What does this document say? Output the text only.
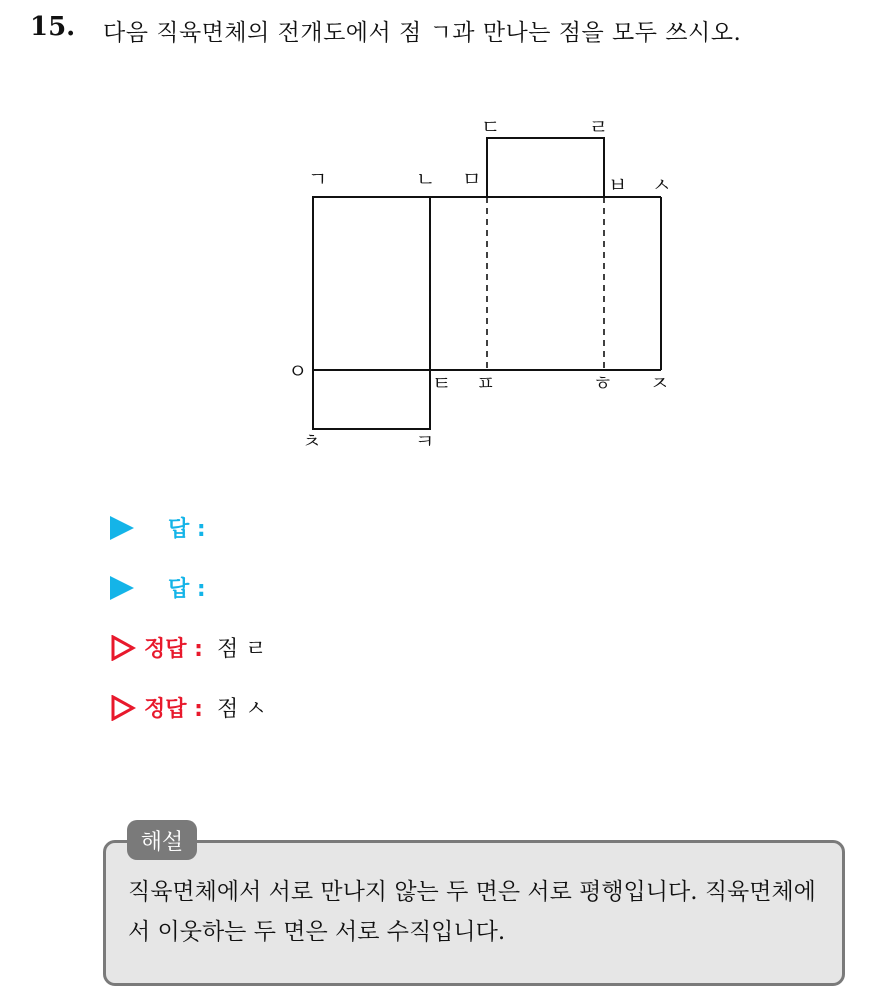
15. 다음 직육면체의 전개도에서 점 ㄱ과 만나는 점을 모두 쓰시오.
ㄱ	ㄴ ㅁ
ㄷ	ㄹ
ㅂ ㅅ
ㅇ	ㅌ ㅍ	ㅎ ㅈ
ㅊ	ㅋ
답 :
답 :
정답 : 점 ㄹ
정답 : 점 ㅅ
해설
직육면체에서 서로 만나지 않는 두 면은 서로 평행입니다. 직육면체에서 이웃하는 두 면은 서로 수직입니다.
